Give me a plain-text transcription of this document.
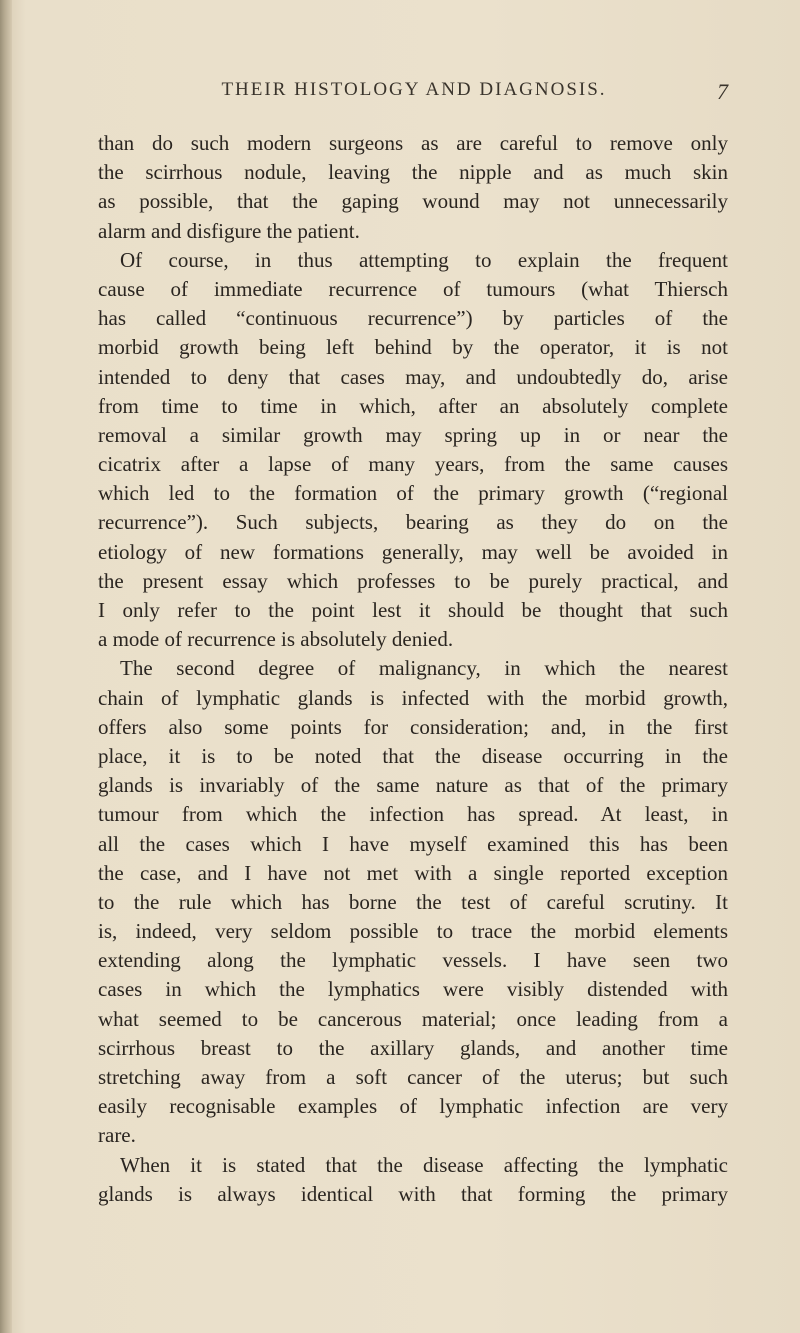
THEIR HISTOLOGY AND DIAGNOSIS.	7
than do such modern surgeons as are careful to remove only
the scirrhous nodule, leaving the nipple and as much skin
as possible, that the gaping wound may not unnecessarily
alarm and disfigure the patient.
Of course, in thus attempting to explain the frequent
cause of immediate recurrence of tumours (what Thiersch
has called “continuous recurrence”) by particles of the
morbid growth being left behind by the operator, it is not
intended to deny that cases may, and undoubtedly do, arise
from time to time in which, after an absolutely complete
removal a similar growth may spring up in or near the
cicatrix after a lapse of many years, from the same causes
which led to the formation of the primary growth (“regional
recurrence”). Such subjects, bearing as they do on the
etiology of new formations generally, may well be avoided in
the present essay which professes to be purely practical, and
I only refer to the point lest it should be thought that such
a mode of recurrence is absolutely denied.
The second degree of malignancy, in which the nearest
chain of lymphatic glands is infected with the morbid growth,
offers also some points for consideration; and, in the first
place, it is to be noted that the disease occurring in the
glands is invariably of the same nature as that of the primary
tumour from which the infection has spread. At least, in
all the cases which I have myself examined this has been
the case, and I have not met with a single reported exception
to the rule which has borne the test of careful scrutiny. It
is, indeed, very seldom possible to trace the morbid elements
extending along the lymphatic vessels. I have seen two
cases in which the lymphatics were visibly distended with
what seemed to be cancerous material; once leading from a
scirrhous breast to the axillary glands, and another time
stretching away from a soft cancer of the uterus; but such
easily recognisable examples of lymphatic infection are very
rare.
When it is stated that the disease affecting the lymphatic
glands is always identical with that forming the primary
